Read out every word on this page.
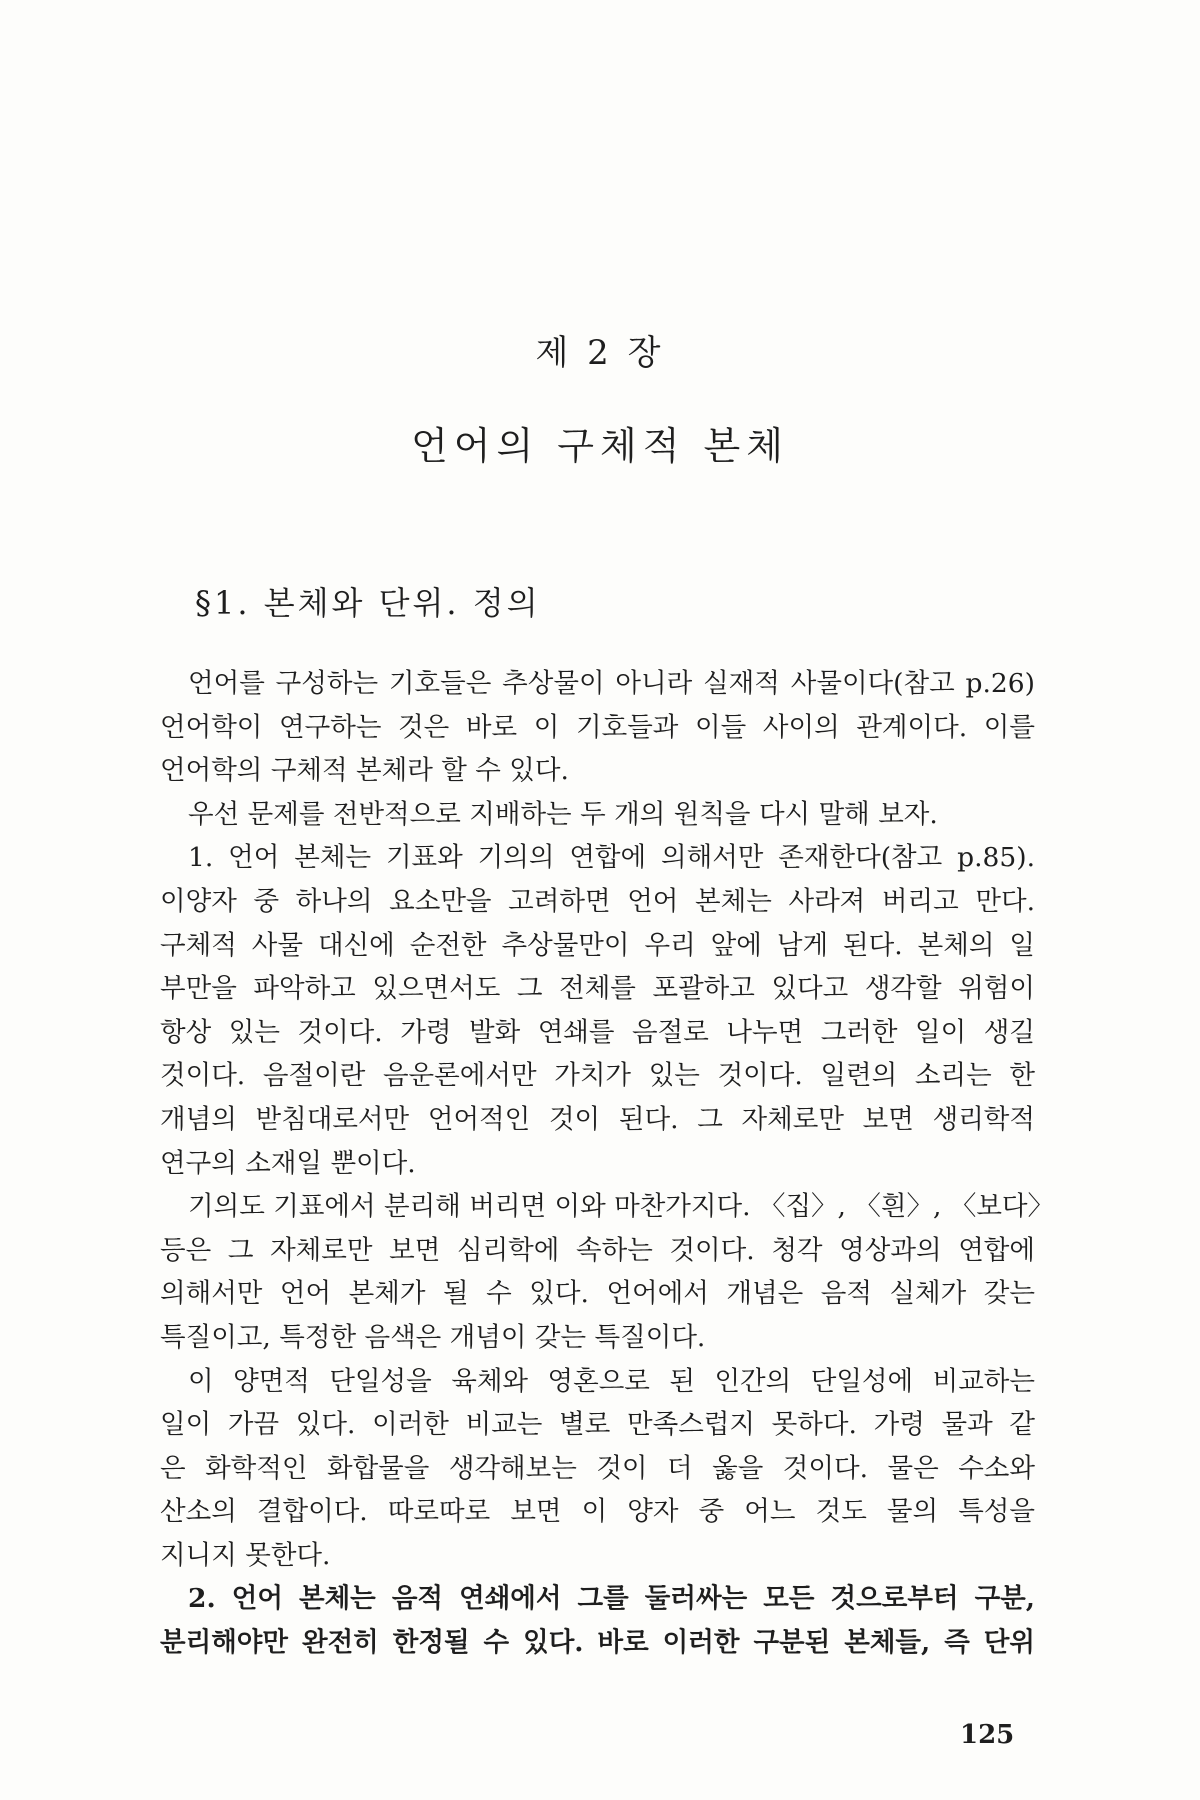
제 2 장
언어의 구체적 본체
§1. 본체와 단위. 정의
언어를 구성하는 기호들은 추상물이 아니라 실재적 사물이다(참고 p.26)
언어학이 연구하는 것은 바로 이 기호들과 이들 사이의 관계이다. 이를
언어학의 구체적 본체라 할 수 있다.
우선 문제를 전반적으로 지배하는 두 개의 원칙을 다시 말해 보자.
1. 언어 본체는 기표와 기의의 연합에 의해서만 존재한다(참고 p.85).
이양자 중 하나의 요소만을 고려하면 언어 본체는 사라져 버리고 만다.
구체적 사물 대신에 순전한 추상물만이 우리 앞에 남게 된다. 본체의 일
부만을 파악하고 있으면서도 그 전체를 포괄하고 있다고 생각할 위험이
항상 있는 것이다. 가령 발화 연쇄를 음절로 나누면 그러한 일이 생길
것이다. 음절이란 음운론에서만 가치가 있는 것이다. 일련의 소리는 한
개념의 받침대로서만 언어적인 것이 된다. 그 자체로만 보면 생리학적
연구의 소재일 뿐이다.
기의도 기표에서 분리해 버리면 이와 마찬가지다. 〈집〉, 〈흰〉, 〈보다〉
등은 그 자체로만 보면 심리학에 속하는 것이다. 청각 영상과의 연합에
의해서만 언어 본체가 될 수 있다. 언어에서 개념은 음적 실체가 갖는
특질이고, 특정한 음색은 개념이 갖는 특질이다.
이 양면적 단일성을 육체와 영혼으로 된 인간의 단일성에 비교하는
일이 가끔 있다. 이러한 비교는 별로 만족스럽지 못하다. 가령 물과 같
은 화학적인 화합물을 생각해보는 것이 더 옳을 것이다. 물은 수소와
산소의 결합이다. 따로따로 보면 이 양자 중 어느 것도 물의 특성을
지니지 못한다.
2. 언어 본체는 음적 연쇄에서 그를 둘러싸는 모든 것으로부터 구분,
분리해야만 완전히 한정될 수 있다. 바로 이러한 구분된 본체들, 즉 단위
125
